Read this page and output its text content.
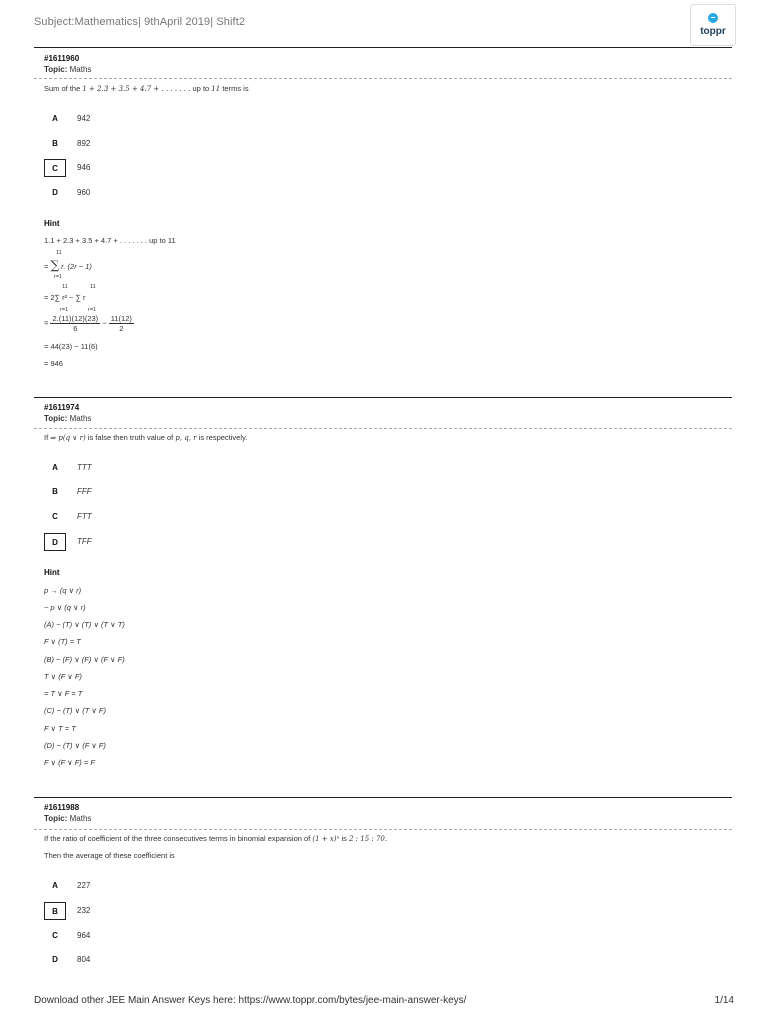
Subject:Mathematics| 9thApril 2019| Shift2
toppr
#1611960
Topic: Maths
Sum of the 1 + 2.3 + 3.5 + 4.7 + . . . . . . . up to 11 terms is
A	942
B	892
C	946
D	960
Hint
1.1 + 2.3 + 3.5 + 4.7 + . . . . . . . up to 11
11
= ∑ r. (2r − 1)
r=1
11	11
= 2∑ r² − ∑ r
r=1	r=1
= $\frac{2.(11)(12)(23)}{6} - \frac{11(12)}{2}$
= 44(23) − 11(6)
= 946
#1611974
Topic: Maths
If ⇒ p(q ∨ r) is false then truth value of p, q, r is respectively.
A	TTT
B	FFF
C	FTT
D	TFF
Hint
p → (q ∨ r)
~ p ∨ (q ∨ r)
(A) ~ (T) ∨ (T) ∨ (T ∨ T)
F ∨ (T) = T
(B) ~ (F) ∨ (F) ∨ (F ∨ F)
T ∨ (F ∨ F)
= T ∨ F = T
(C) ~ (T) ∨ (T ∨ F)
F ∨ T = T
(D) ~ (T) ∨ (F ∨ F)
F ∨ (F ∨ F) = F
#1611988
Topic: Maths
If the ratio of coefficient of the three consecutives terms in binomial expansion of (1 + x)ⁿ is 2 : 15 : 70.
Then the average of these coefficient is
A	227
B	232
C	964
D	804
Download other JEE Main Answer Keys here: https://www.toppr.com/bytes/jee-main-answer-keys/	1/14
